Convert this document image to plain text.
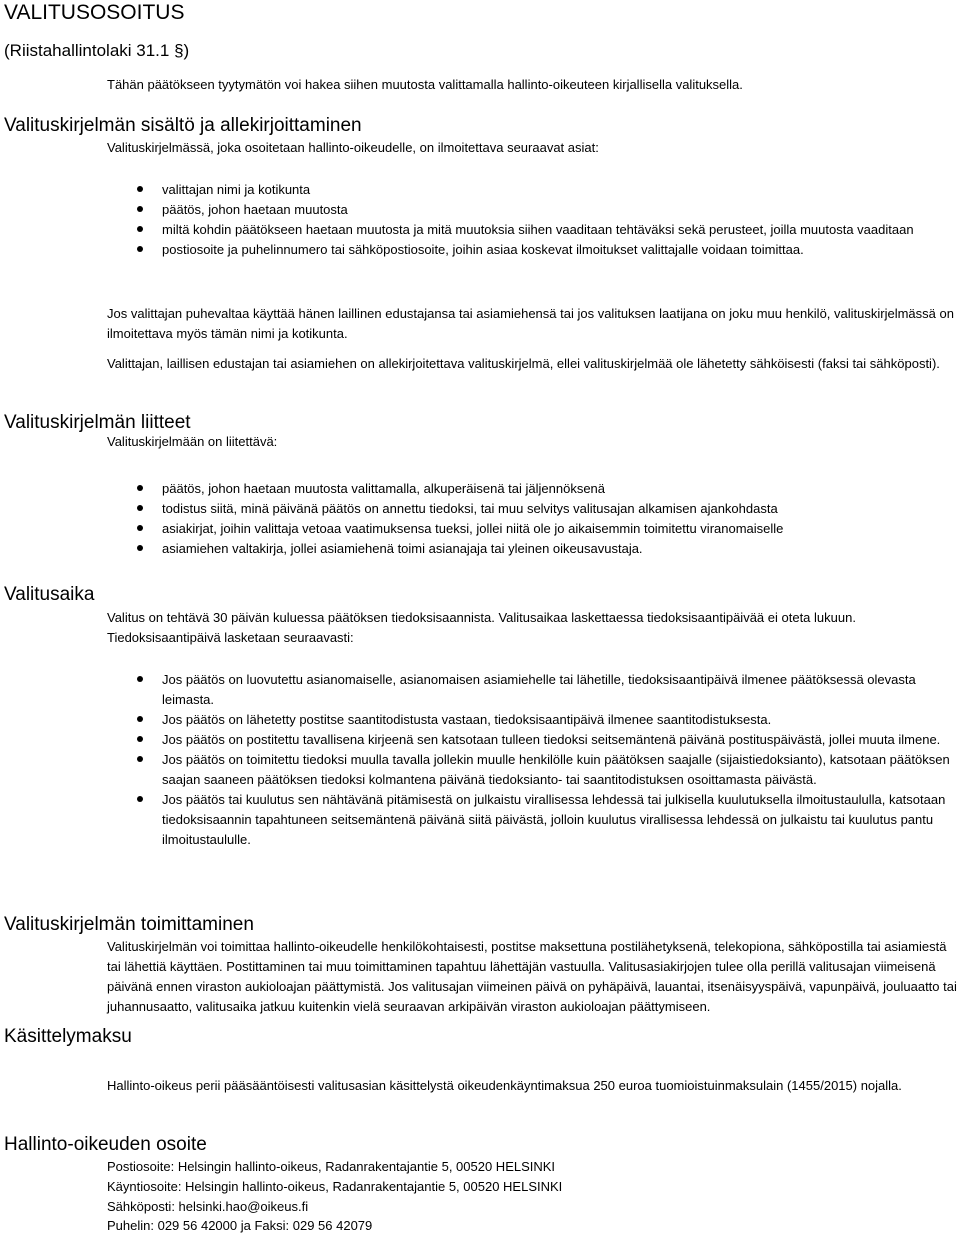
VALITUSOSOITUS
(Riistahallintolaki 31.1 §)

Tähän päätökseen tyytymätön voi hakea siihen muutosta valittamalla hallinto-oikeuteen kirjallisella valituksella.

Valituskirjelmän sisältö ja allekirjoittaminen

Valituskirjelmässä, joka osoitetaan hallinto-oikeudelle, on ilmoitettava seuraavat asiat:

valittajan nimi ja kotikunta
päätös, johon haetaan muutosta
miltä kohdin päätökseen haetaan muutosta ja mitä muutoksia siihen vaaditaan tehtäväksi sekä perusteet, joilla muutosta vaaditaan
postiosoite ja puhelinnumero tai sähköpostiosoite, joihin asiaa koskevat ilmoitukset valittajalle voidaan toimittaa.

Jos valittajan puhevaltaa käyttää hänen laillinen edustajansa tai asiamiehensä tai jos valituksen laatijana on joku muu henkilö, valituskirjelmässä on ilmoitettava myös tämän nimi ja kotikunta.

Valittajan, laillisen edustajan tai asiamiehen on allekirjoitettava valituskirjelmä, ellei valituskirjelmää ole lähetetty sähköisesti (faksi tai sähköposti).

Valituskirjelmän liitteet

Valituskirjelmään on liitettävä:

päätös, johon haetaan muutosta valittamalla, alkuperäisenä tai jäljennöksenä
todistus siitä, minä päivänä päätös on annettu tiedoksi, tai muu selvitys valitusajan alkamisen ajankohdasta
asiakirjat, joihin valittaja vetoaa vaatimuksensa tueksi, jollei niitä ole jo aikaisemmin toimitettu viranomaiselle
asiamiehen valtakirja, jollei asiamiehenä toimi asianajaja tai yleinen oikeusavustaja.
Valitusaika

Valitus on tehtävä 30 päivän kuluessa päätöksen tiedoksisaannista. Valitusaikaa laskettaessa tiedoksisaantipäivää ei oteta lukuun. Tiedoksisaantipäivä lasketaan seuraavasti:

Jos päätös on luovutettu asianomaiselle, asianomaisen asiamiehelle tai lähetille, tiedoksisaantipäivä ilmenee päätöksessä olevasta leimasta.
Jos päätös on lähetetty postitse saantitodistusta vastaan, tiedoksisaantipäivä ilmenee saantitodistuksesta.
Jos päätös on postitettu tavallisena kirjeenä sen katsotaan tulleen tiedoksi seitsemäntenä päivänä postituspäivästä, jollei muuta ilmene.
Jos päätös on toimitettu tiedoksi muulla tavalla jollekin muulle henkilölle kuin päätöksen saajalle (sijaistiedoksianto), katsotaan päätöksen saajan saaneen päätöksen tiedoksi kolmantena päivänä tiedoksianto- tai saantitodistuksen osoittamasta päivästä.
Jos päätös tai kuulutus sen nähtävänä pitämisestä on julkaistu virallisessa lehdessä tai julkisella kuulutuksella ilmoitustaululla, katsotaan tiedoksisaannin tapahtuneen seitsemäntenä päivänä siitä päivästä, jolloin kuulutus virallisessa lehdessä on julkaistu tai kuulutus pantu ilmoitustaululle.
Valituskirjelmän toimittaminen

Valituskirjelmän voi toimittaa hallinto-oikeudelle henkilökohtaisesti, postitse maksettuna postilähetyksenä, telekopiona, sähköpostilla tai asiamiestä tai lähettiä käyttäen. Postittaminen tai muu toimittaminen tapahtuu lähettäjän vastuulla. Valitusasiakirjojen tulee olla perillä valitusajan viimeisenä päivänä ennen viraston aukioloajan päättymistä. Jos valitusajan viimeinen päivä on pyhäpäivä, lauantai, itsenäisyyspäivä, vapunpäivä, jouluaatto tai juhannusaatto, valitusaika jatkuu kuitenkin vielä seuraavan arkipäivän viraston aukioloajan päättymiseen.

Käsittelymaksu

Hallinto-oikeus perii pääsääntöisesti valitusasian käsittelystä oikeudenkäyntimaksua 250 euroa tuomioistuinmaksulain (1455/2015) nojalla.

Hallinto-oikeuden osoite
Postiosoite: Helsingin hallinto-oikeus, Radanrakentajantie 5, 00520 HELSINKI
Käyntiosoite: Helsingin hallinto-oikeus, Radanrakentajantie 5, 00520 HELSINKI
Sähköposti: helsinki.hao@oikeus.fi
Puhelin: 029 56 42000 ja Faksi: 029 56 42079
